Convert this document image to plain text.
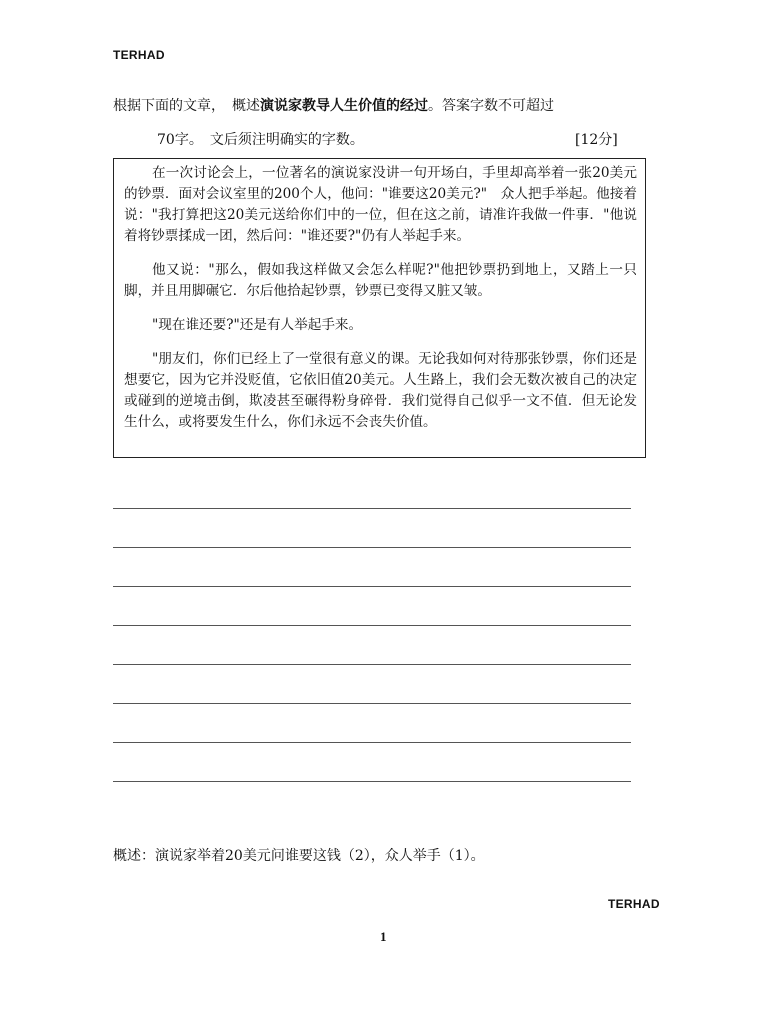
TERHAD
根据下面的文章，　概述演说家教导人生价值的经过。答案字数不可超过
70字。　文后须注明确实的字数。	[12分]

在一次讨论会上，一位著名的演说家没讲一句开场白，手里却高举着一张20美元的钞票．面对会议室里的200个人，他问："谁要这20美元?"　众人把手举起。他接着说："我打算把这20美元送给你们中的一位，但在这之前，请准许我做一件事．"他说着将钞票揉成一团，然后问："谁还要?"仍有人举起手来。

他又说："那么，假如我这样做又会怎么样呢?"他把钞票扔到地上，又踏上一只脚，并且用脚碾它．尔后他拾起钞票，钞票已变得又脏又皱。

"现在谁还要?"还是有人举起手来。

"朋友们，你们已经上了一堂很有意义的课。无论我如何对待那张钞票，你们还是想要它，因为它并没贬值，它依旧值20美元。人生路上，我们会无数次被自己的决定或碰到的逆境击倒，欺凌甚至碾得粉身碎骨．我们觉得自己似乎一文不值．但无论发生什么，或将要发生什么，你们永远不会丧失价值。

概述：演说家举着20美元问谁要这钱（2），众人举手（1）。
TERHAD
1
